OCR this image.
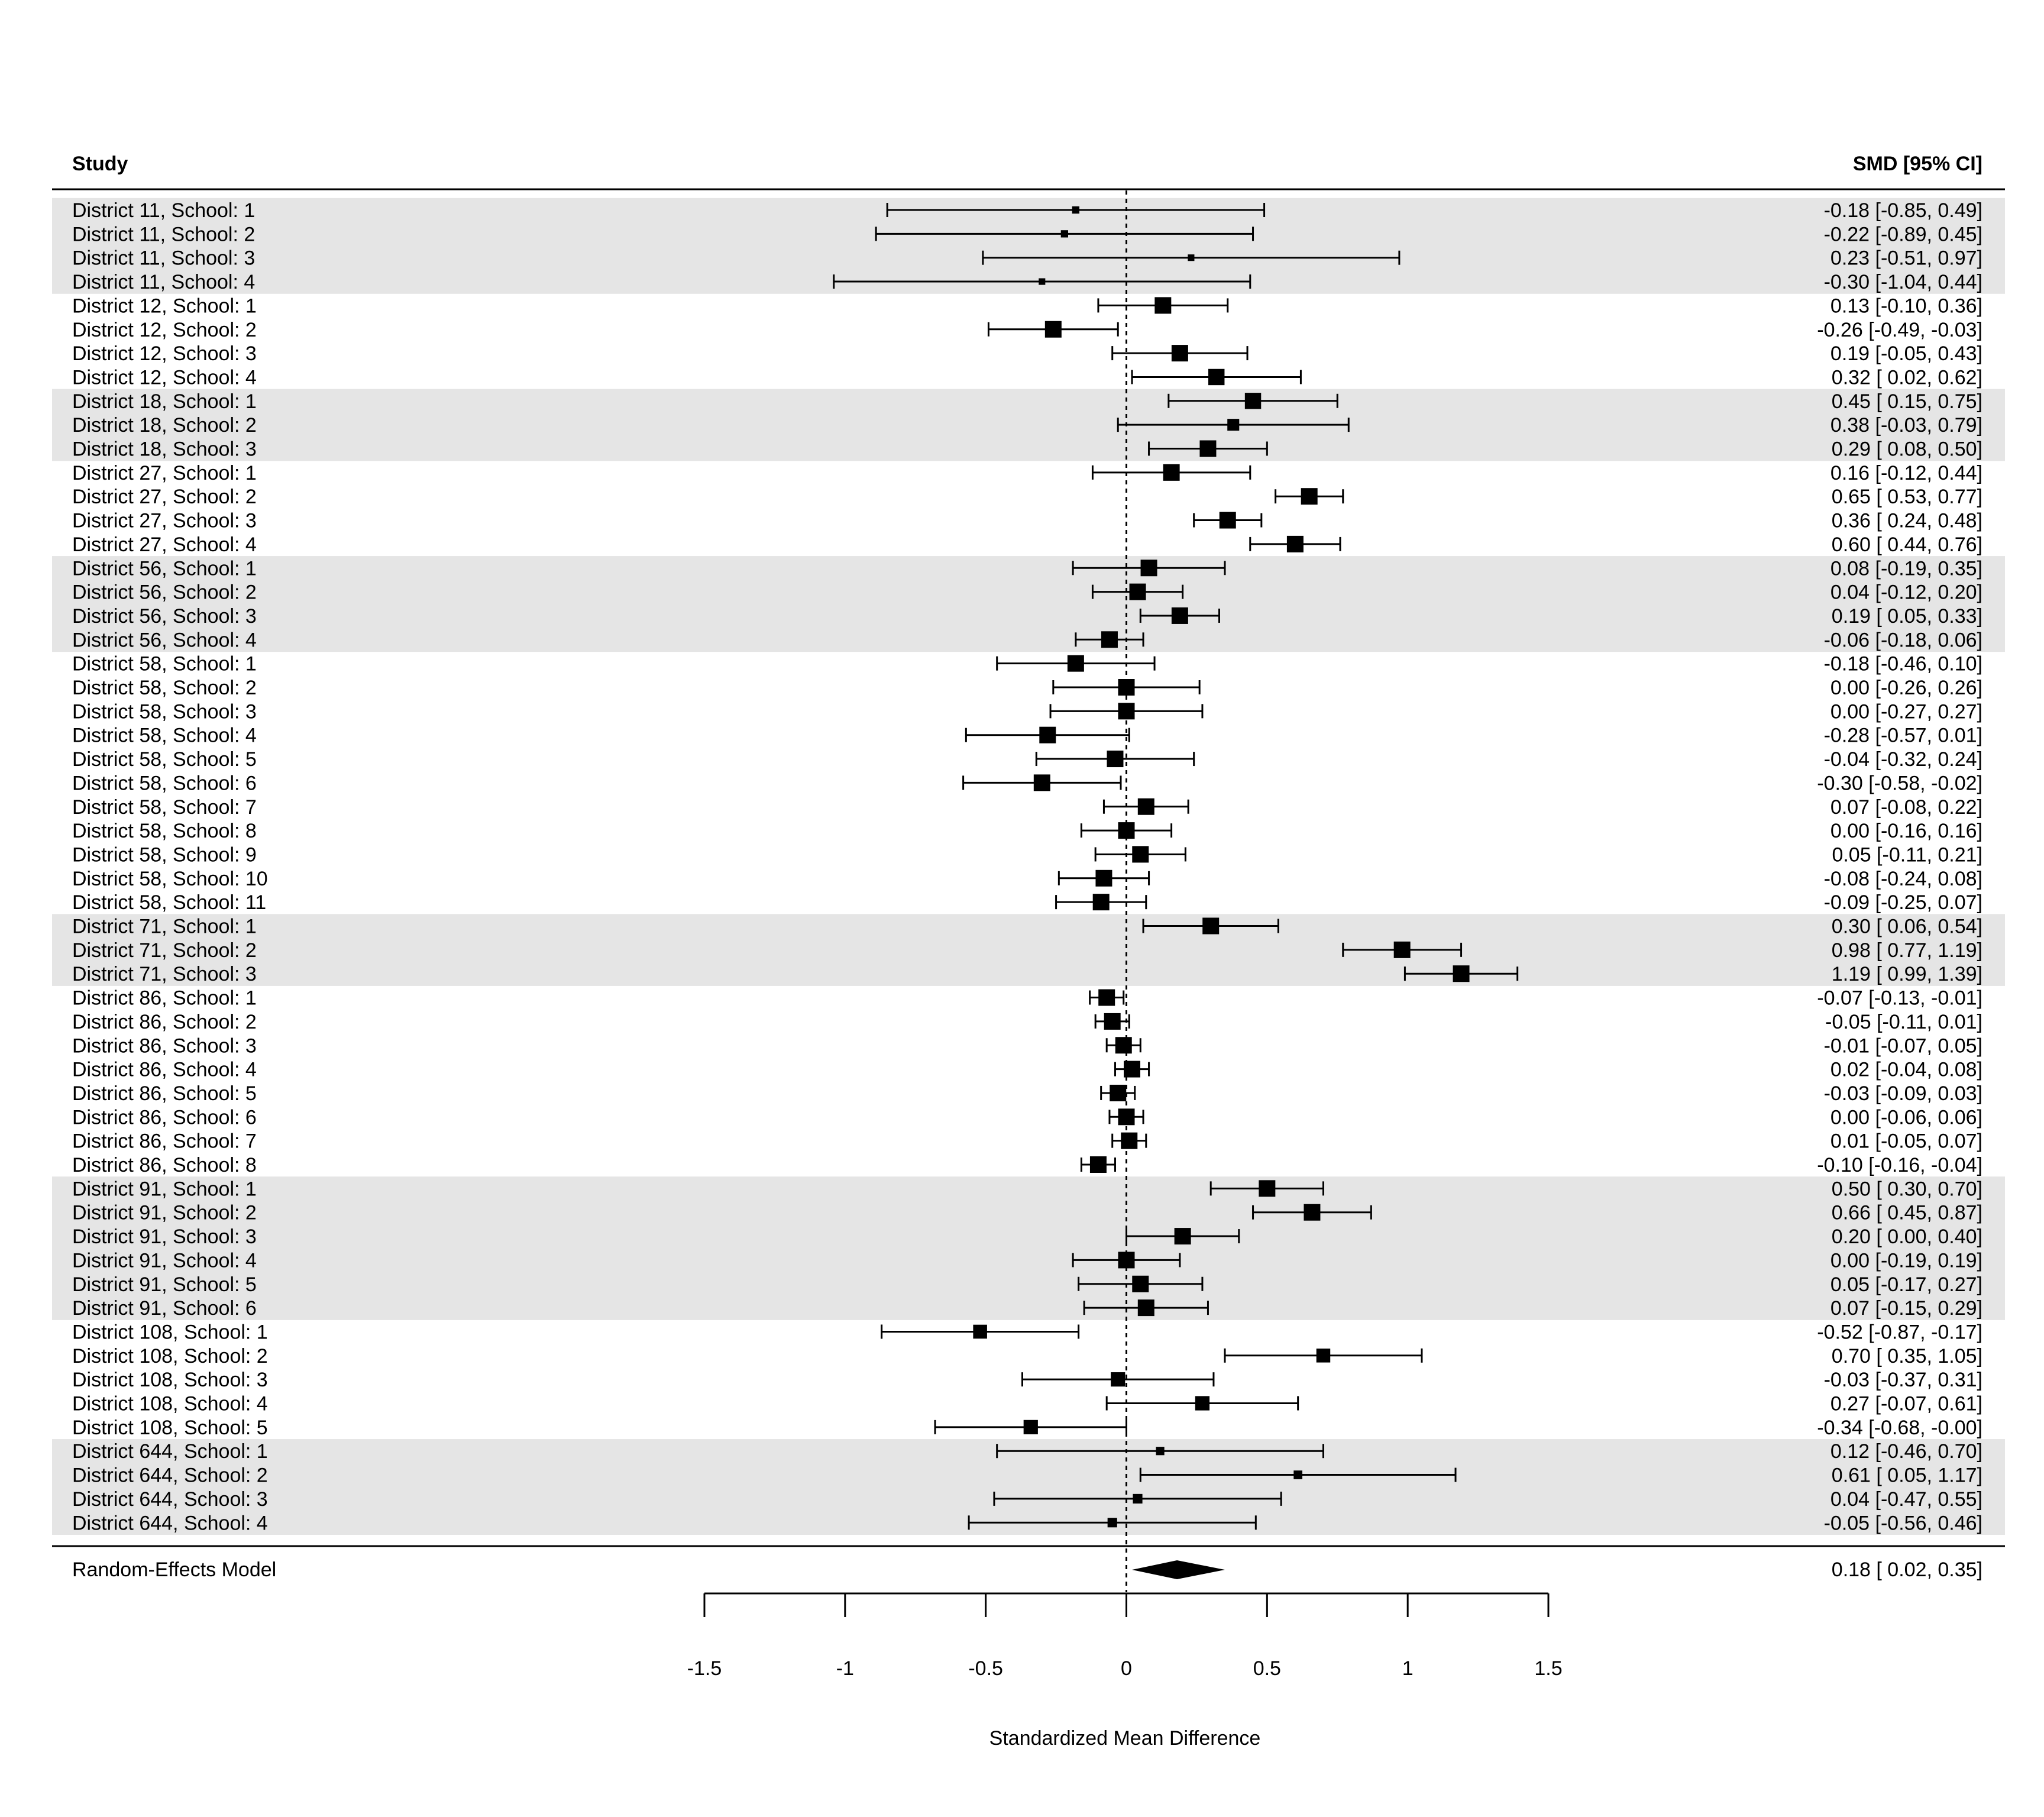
Study	SMD [95% CI]
District 11, School: 1	-0.18 [-0.85, 0.49]
District 11, School: 2	-0.22 [-0.89, 0.45]
District 11, School: 3	0.23 [-0.51, 0.97]
District 11, School: 4	-0.30 [-1.04, 0.44]
District 12, School: 1	0.13 [-0.10, 0.36]
District 12, School: 2	-0.26 [-0.49, -0.03]
District 12, School: 3	0.19 [-0.05, 0.43]
District 12, School: 4	0.32 [ 0.02, 0.62]
District 18, School: 1	0.45 [ 0.15, 0.75]
District 18, School: 2	0.38 [-0.03, 0.79]
District 18, School: 3	0.29 [ 0.08, 0.50]
District 27, School: 1	0.16 [-0.12, 0.44]
District 27, School: 2	0.65 [ 0.53, 0.77]
District 27, School: 3	0.36 [ 0.24, 0.48]
District 27, School: 4	0.60 [ 0.44, 0.76]
District 56, School: 1	0.08 [-0.19, 0.35]
District 56, School: 2	0.04 [-0.12, 0.20]
District 56, School: 3	0.19 [ 0.05, 0.33]
District 56, School: 4	-0.06 [-0.18, 0.06]
District 58, School: 1	-0.18 [-0.46, 0.10]
District 58, School: 2	0.00 [-0.26, 0.26]
District 58, School: 3	0.00 [-0.27, 0.27]
District 58, School: 4	-0.28 [-0.57, 0.01]
District 58, School: 5	-0.04 [-0.32, 0.24]
District 58, School: 6	-0.30 [-0.58, -0.02]
District 58, School: 7	0.07 [-0.08, 0.22]
District 58, School: 8	0.00 [-0.16, 0.16]
District 58, School: 9	0.05 [-0.11, 0.21]
District 58, School: 10	-0.08 [-0.24, 0.08]
District 58, School: 11	-0.09 [-0.25, 0.07]
District 71, School: 1	0.30 [ 0.06, 0.54]
District 71, School: 2	0.98 [ 0.77, 1.19]
District 71, School: 3	1.19 [ 0.99, 1.39]
District 86, School: 1	-0.07 [-0.13, -0.01]
District 86, School: 2	-0.05 [-0.11, 0.01]
District 86, School: 3	-0.01 [-0.07, 0.05]
District 86, School: 4	0.02 [-0.04, 0.08]
District 86, School: 5	-0.03 [-0.09, 0.03]
District 86, School: 6	0.00 [-0.06, 0.06]
District 86, School: 7	0.01 [-0.05, 0.07]
District 86, School: 8	-0.10 [-0.16, -0.04]
District 91, School: 1	0.50 [ 0.30, 0.70]
District 91, School: 2	0.66 [ 0.45, 0.87]
District 91, School: 3	0.20 [ 0.00, 0.40]
District 91, School: 4	0.00 [-0.19, 0.19]
District 91, School: 5	0.05 [-0.17, 0.27]
District 91, School: 6	0.07 [-0.15, 0.29]
District 108, School: 1	-0.52 [-0.87, -0.17]
District 108, School: 2	0.70 [ 0.35, 1.05]
District 108, School: 3	-0.03 [-0.37, 0.31]
District 108, School: 4	0.27 [-0.07, 0.61]
District 108, School: 5	-0.34 [-0.68, -0.00]
District 644, School: 1	0.12 [-0.46, 0.70]
District 644, School: 2	0.61 [ 0.05, 1.17]
District 644, School: 3	0.04 [-0.47, 0.55]
District 644, School: 4	-0.05 [-0.56, 0.46]
Random-Effects Model	0.18 [ 0.02, 0.35]
-1.5	-1	-0.5	0	0.5	1	1.5
Standardized Mean Difference
